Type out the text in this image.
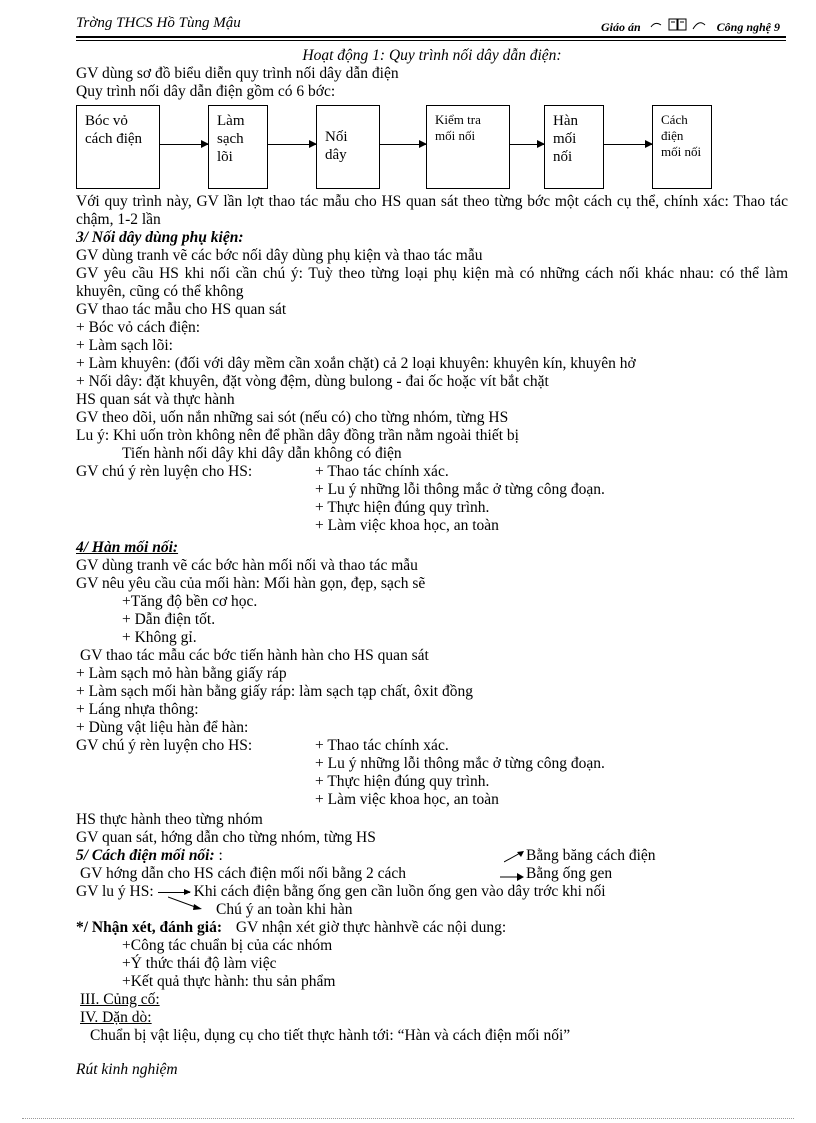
Trờng THCS Hồ Tùng Mậu	Giáo án	Công nghệ 9
Hoạt động 1: Quy trình nối dây dẫn điện:
GV dùng sơ đồ biểu diễn quy trình nối dây dẫn điện
Quy trình nối dây dẫn điện gồm có 6 bớc:
Bóc vỏ cách điện
Làm sạch lõi
Nối dây
Kiểm tra mối nối
Hàn mối nối
Cách điện mối nối
Với quy trình này, GV lần lợt thao tác mẫu cho HS quan sát theo từng bớc một cách cụ thể, chính xác: Thao tác chậm, 1-2 lần
3/ Nối dây dùng phụ kiện:
GV dùng tranh vẽ các bớc nối dây dùng phụ kiện và thao tác mẫu
GV yêu cầu HS khi nối cần chú ý: Tuỳ theo từng loại phụ kiện mà có những cách nối khác nhau: có thể làm khuyên, cũng có thể không
GV thao tác mẫu cho HS quan sát
+ Bóc vỏ cách điện:
+ Làm sạch lõi:
+ Làm khuyên: (đối với dây mềm cần xoắn chặt) cả 2 loại khuyên: khuyên kín, khuyên hở
+ Nối dây: đặt khuyên, đặt vòng đệm, dùng bulong - đai ốc hoặc vít bắt chặt
HS quan sát và thực hành
GV theo dõi, uốn nắn những sai sót (nếu có) cho từng nhóm, từng HS
Lu ý: Khi uốn tròn không nên để phần dây đồng trần nằm ngoài thiết bị
Tiến hành nối dây khi dây dẫn không có điện
GV chú ý rèn luyện cho HS:	+ Thao tác chính xác.
+ Lu ý những lỗi thông mắc ở từng công đoạn.
+ Thực hiện đúng quy trình.
+ Làm việc khoa học, an toàn
4/ Hàn mối nối:
GV dùng tranh vẽ các bớc hàn mối nối và thao tác mẫu
GV nêu yêu cầu của mối hàn: Mối hàn gọn, đẹp, sạch sẽ
+Tăng độ bền cơ học.
+ Dẫn điện tốt.
+ Không gỉ.
GV thao tác mẫu các bớc tiến hành hàn cho HS quan sát
+ Làm sạch mỏ hàn bằng giấy ráp
+ Làm sạch mối hàn bằng giấy ráp: làm sạch tạp chất, ôxit đồng
+ Láng nhựa thông:
+ Dùng vật liệu hàn để hàn:
GV chú ý rèn luyện cho HS:	+ Thao tác chính xác.
+ Lu ý những lỗi thông mắc ở từng công đoạn.
+ Thực hiện đúng quy trình.
+ Làm việc khoa học, an toàn
HS thực hành theo từng nhóm
GV quan sát, hớng dẫn cho từng nhóm, từng HS
5/ Cách điện mối nối: :	Bằng băng cách điện
GV hớng dẫn cho HS cách điện mối nối bằng 2 cách	Bằng ống gen
GV lu ý HS:	Khi cách điện bằng ống gen cần luồn ống gen vào dây trớc khi nối
Chú ý an toàn khi hàn
*/ Nhận xét, đánh giá: GV nhận xét giờ thực hànhvề các nội dung:
+Công tác chuẩn bị của các nhóm
+Ý thức thái độ làm việc
+Kết quả thực hành: thu sản phẩm
III. Củng cố:
IV. Dặn dò:
Chuẩn bị vật liệu, dụng cụ cho tiết thực hành tới: “Hàn và cách điện mối nối”
Rút kinh nghiệm
